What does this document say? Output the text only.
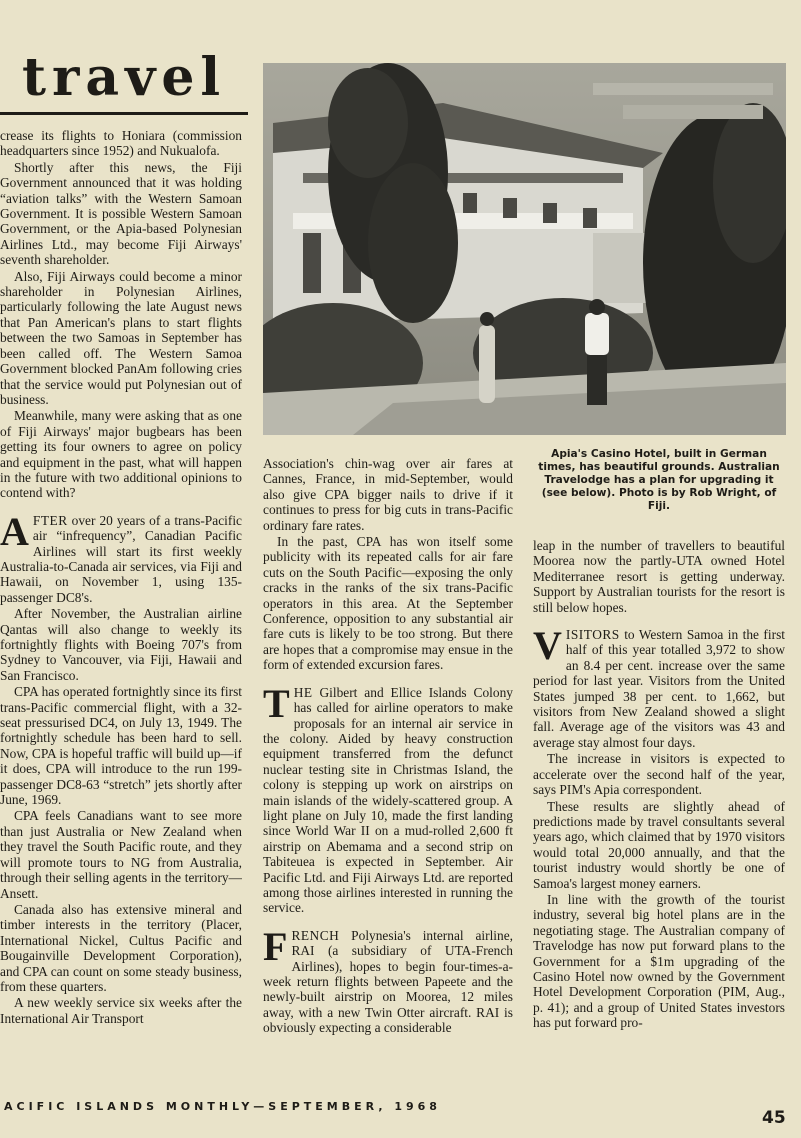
travel

Apia's Casino Hotel, built in German times, has beautiful grounds. Australian Travelodge has a plan for upgrading it (see below). Photo is by Rob Wright, of Fiji.

crease its flights to Honiara (commission headquarters since 1952) and Nukualofa.

Shortly after this news, the Fiji Government announced that it was holding “aviation talks” with the Western Samoan Government. It is possible Western Samoan Government, or the Apia-based Polynesian Airlines Ltd., may become Fiji Airways' seventh shareholder.

Also, Fiji Airways could become a minor shareholder in Polynesian Airlines, particularly following the late August news that Pan American's plans to start flights between the two Samoas in September has been called off. The Western Samoa Government blocked PanAm following cries that the service would put Polynesian out of business.

Meanwhile, many were asking that as one of Fiji Airways' major bugbears has been getting its four owners to agree on policy and equipment in the past, what will happen in the future with two additional opinions to contend with?

AFTER over 20 years of a trans-Pacific air “infrequency”, Canadian Pacific Airlines will start its first weekly Australia-to-Canada air services, via Fiji and Hawaii, on November 1, using 135-passenger DC8's.

After November, the Australian airline Qantas will also change to weekly its fortnightly flights with Boeing 707's from Sydney to Vancouver, via Fiji, Hawaii and San Francisco.

CPA has operated fortnightly since its first trans-Pacific commercial flight, with a 32-seat pressurised DC4, on July 13, 1949. The fortnightly schedule has been hard to sell. Now, CPA is hopeful traffic will build up—if it does, CPA will introduce to the run 199-passenger DC8-63 “stretch” jets shortly after June, 1969.

CPA feels Canadians want to see more than just Australia or New Zealand when they travel the South Pacific route, and they will promote tours to NG from Australia, through their selling agents in the territory—Ansett.

Canada also has extensive mineral and timber interests in the territory (Placer, International Nickel, Cultus Pacific and Bougainville Development Corporation), and CPA can count on some steady business, from these quarters.

A new weekly service six weeks after the International Air Transport

Association's chin-wag over air fares at Cannes, France, in mid-September, would also give CPA bigger nails to drive if it continues to press for big cuts in trans-Pacific ordinary fare rates.

In the past, CPA has won itself some publicity with its repeated calls for air fare cuts on the South Pacific—exposing the only cracks in the ranks of the six trans-Pacific operators in this area. At the September Conference, opposition to any substantial air fare cuts is likely to be too strong. But there are hopes that a compromise may ensue in the form of extended excursion fares.

THE Gilbert and Ellice Islands Colony has called for airline operators to make proposals for an internal air service in the colony. Aided by heavy construction equipment transferred from the defunct nuclear testing site in Christmas Island, the colony is stepping up work on airstrips on main islands of the widely-scattered group. A light plane on July 10, made the first landing since World War II on a mud-rolled 2,600 ft airstrip on Abemama and a second strip on Tabiteuea is expected in September. Air Pacific Ltd. and Fiji Airways Ltd. are reported among those airlines interested in running the service.

FRENCH Polynesia's internal airline, RAI (a subsidiary of UTA-French Airlines), hopes to begin four-times-a-week return flights between Papeete and the newly-built airstrip on Moorea, 12 miles away, with a new Twin Otter aircraft. RAI is obviously expecting a considerable

leap in the number of travellers to beautiful Moorea now the partly-UTA owned Hotel Mediterranee resort is getting underway. Support by Australian tourists for the resort is still below hopes.

VISITORS to Western Samoa in the first half of this year totalled 3,972 to show an 8.4 per cent. increase over the same period for last year. Visitors from the United States jumped 38 per cent. to 1,662, but visitors from New Zealand showed a slight fall. Average age of the visitors was 43 and average stay almost four days.

The increase in visitors is expected to accelerate over the second half of the year, says PIM's Apia correspondent.

These results are slightly ahead of predictions made by travel consultants several years ago, which claimed that by 1970 visitors would total 20,000 annually, and that the tourist industry would shortly be one of Samoa's largest money earners.

In line with the growth of the tourist industry, several big hotel plans are in the negotiating stage. The Australian company of Travelodge has now put forward plans to the Government for a $1m upgrading of the Casino Hotel now owned by the Government Hotel Development Corporation (PIM, Aug., p. 41); and a group of United States investors has put forward pro-

ACIFIC ISLANDS MONTHLY—SEPTEMBER, 1968

45
